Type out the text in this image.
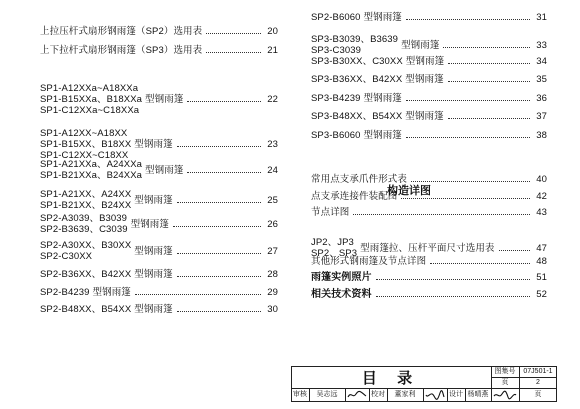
上拉压杆式扇形钢雨篷（SP2）选用表	20
上下拉杆式扇形钢雨篷（SP3）选用表	21
SP1-A12XXa~A18XXa
SP1-B15XXa、B18XXa
SP1-C12XXa~C18XXa
型钢雨篷	22
SP1-A12XX~A18XX
SP1-B15XX、B18XX
SP1-C12XX~C18XX
型钢雨篷	23
SP1-A21XXa、A24XXa
SP1-B21XXa、B24XXa 型钢雨篷	24
SP1-A21XX、A24XX
SP1-B21XX、B24XX 型钢雨篷	25
SP2-A3039、B3039
SP2-B3639、C3039 型钢雨篷	26
SP2-A30XX、B30XX
SP2-C30XX	型钢雨篷	27
SP2-B36XX、B42XX 型钢雨篷	28
SP2-B4239 型钢雨篷	29
SP2-B48XX、B54XX 型钢雨篷	30
SP2-B6060 型钢雨篷	31
SP3-B3039、B3639
SP3-C3039	型钢雨篷	33
SP3-B30XX、C30XX 型钢雨篷	34
SP3-B36XX、B42XX 型钢雨篷	35
SP3-B4239 型钢雨篷	36
SP3-B48XX、B54XX 型钢雨篷	37
SP3-B6060 型钢雨篷	38
常用点支承爪件形式表	40
点支承连接件装配图	42
节点详图	43
JP2、JP3
SP2、SP3 型雨篷拉、压杆平面尺寸选用表	47
其他形式钢雨篷及节点详图	48
雨篷实例照片	51
相关技术资料	52
构造详图
目 录	图集号	07J501-1
页	2
审核	吴志远	校对	董家利	设计 杨晴燕	页
